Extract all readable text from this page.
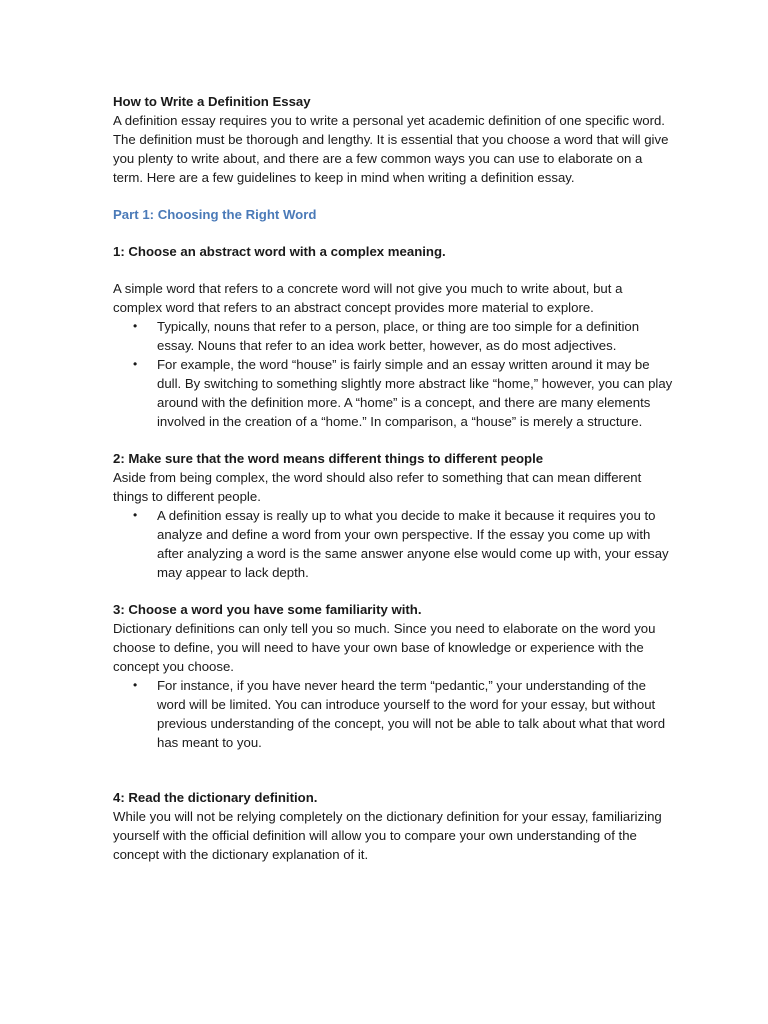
How to Write a Definition Essay

A definition essay requires you to write a personal yet academic definition of one specific word. The definition must be thorough and lengthy. It is essential that you choose a word that will give you plenty to write about, and there are a few common ways you can use to elaborate on a term. Here are a few guidelines to keep in mind when writing a definition essay.

Part 1: Choosing the Right Word

1: Choose an abstract word with a complex meaning.

A simple word that refers to a concrete word will not give you much to write about, but a complex word that refers to an abstract concept provides more material to explore.

• Typically, nouns that refer to a person, place, or thing are too simple for a definition essay. Nouns that refer to an idea work better, however, as do most adjectives.
• For example, the word “house” is fairly simple and an essay written around it may be dull. By switching to something slightly more abstract like “home,” however, you can play around with the definition more. A “home” is a concept, and there are many elements involved in the creation of a “home.” In comparison, a “house” is merely a structure.

2: Make sure that the word means different things to different people

Aside from being complex, the word should also refer to something that can mean different things to different people.

• A definition essay is really up to what you decide to make it because it requires you to analyze and define a word from your own perspective. If the essay you come up with after analyzing a word is the same answer anyone else would come up with, your essay may appear to lack depth.

3: Choose a word you have some familiarity with.

Dictionary definitions can only tell you so much. Since you need to elaborate on the word you choose to define, you will need to have your own base of knowledge or experience with the concept you choose.

• For instance, if you have never heard the term “pedantic,” your understanding of the word will be limited. You can introduce yourself to the word for your essay, but without previous understanding of the concept, you will not be able to talk about what that word has meant to you.

4: Read the dictionary definition.

While you will not be relying completely on the dictionary definition for your essay, familiarizing yourself with the official definition will allow you to compare your own understanding of the concept with the dictionary explanation of it.
